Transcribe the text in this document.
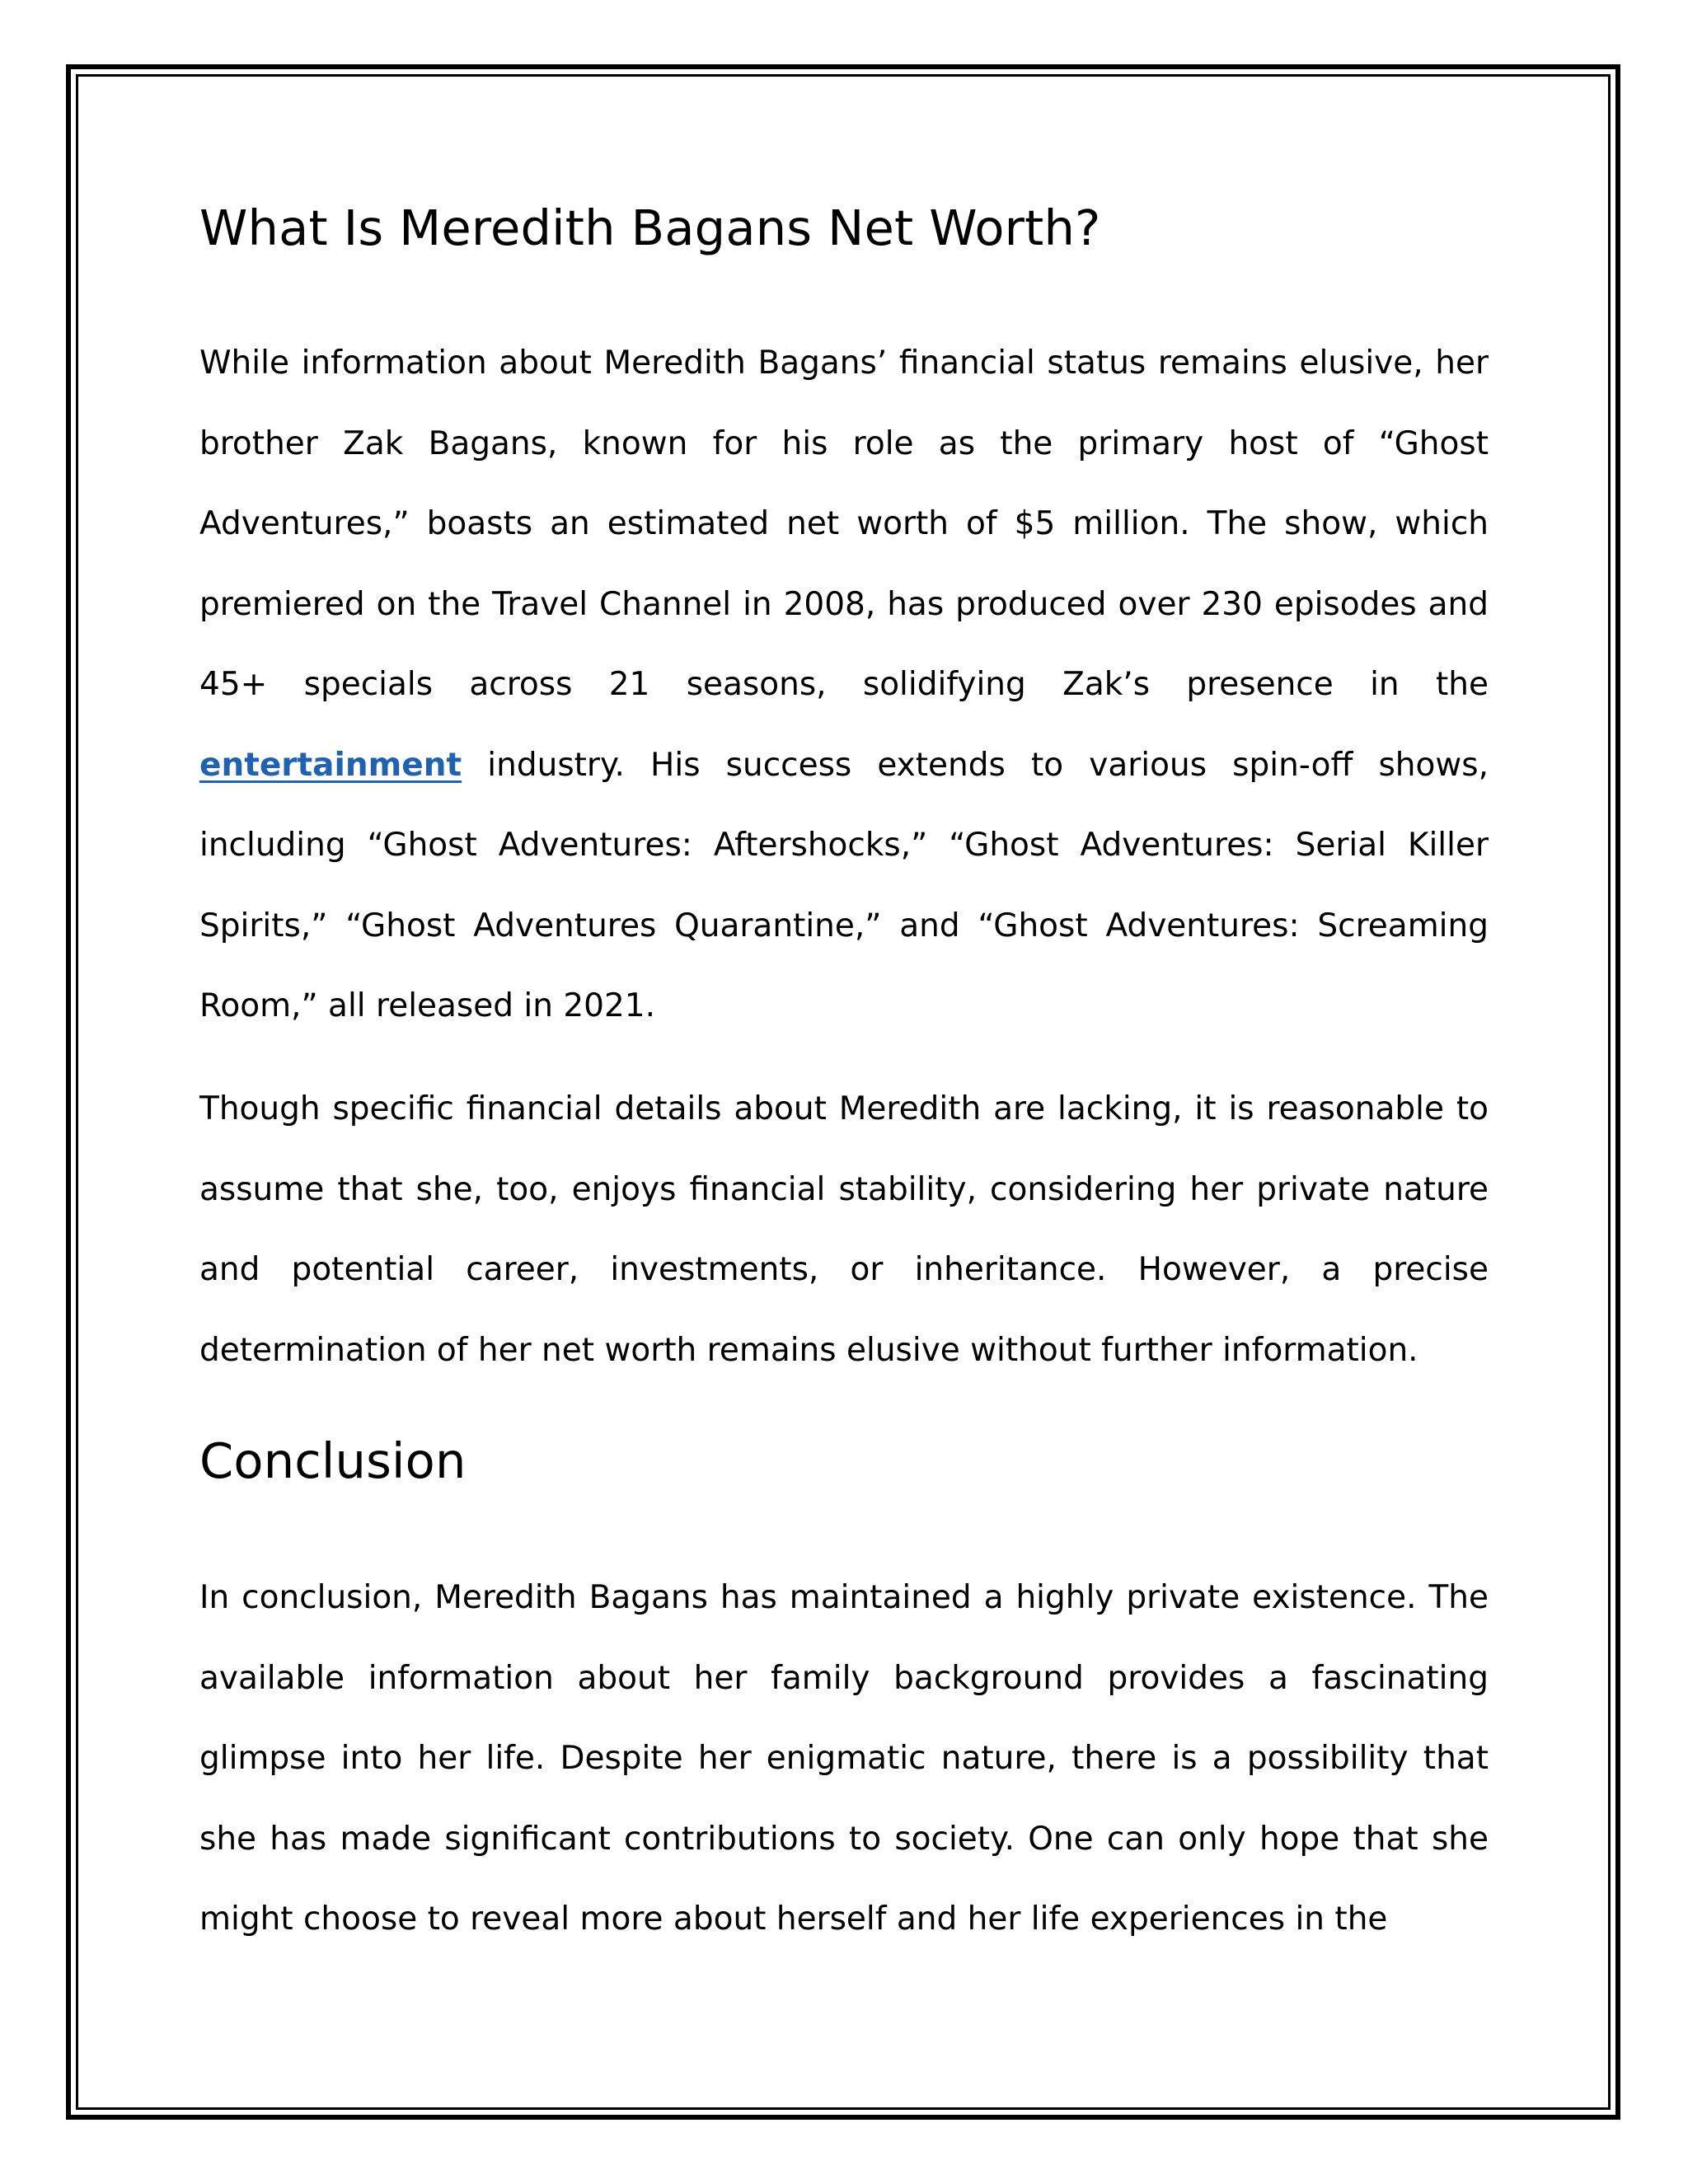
What Is Meredith Bagans Net Worth?

While information about Meredith Bagans’ financial status remains elusive, her brother Zak Bagans, known for his role as the primary host of “Ghost Adventures,” boasts an estimated net worth of $5 million. The show, which premiered on the Travel Channel in 2008, has produced over 230 episodes and 45+ specials across 21 seasons, solidifying Zak’s presence in the entertainment industry. His success extends to various spin-off shows, including “Ghost Adventures: Aftershocks,” “Ghost Adventures: Serial Killer Spirits,” “Ghost Adventures Quarantine,” and “Ghost Adventures: Screaming Room,” all released in 2021.

Though specific financial details about Meredith are lacking, it is reasonable to assume that she, too, enjoys financial stability, considering her private nature and potential career, investments, or inheritance. However, a precise determination of her net worth remains elusive without further information.

Conclusion

In conclusion, Meredith Bagans has maintained a highly private existence. The available information about her family background provides a fascinating glimpse into her life. Despite her enigmatic nature, there is a possibility that she has made significant contributions to society. One can only hope that she might choose to reveal more about herself and her life experiences in the
